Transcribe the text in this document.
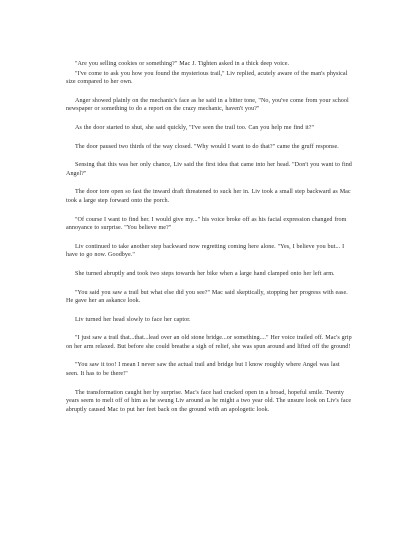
"Are you selling cookies or something?" Mac J. Tighten asked in a thick deep voice.

"I've come to ask you how you found the mysterious trail," Liv replied, acutely aware of the man's physical size compared to her own.

Anger showed plainly on the mechanic's face as he said in a bitter tone, "No, you've come from your school newspaper or something to do a report on the crazy mechanic, haven't you?"

As the door started to shut, she said quickly, "I've seen the trail too. Can you help me find it?"

The door paused two thirds of the way closed. "Why would I want to do that?" came the gruff response.

Sensing that this was her only chance, Liv said the first idea that came into her head. "Don't you want to find Angel?"

The door tore open so fast the inward draft threatened to suck her in. Liv took a small step backward as Mac took a large step forward onto the porch.

"Of course I want to find her. I would give my..." his voice broke off as his facial expression changed from annoyance to surprise. "You believe me?"

Liv continued to take another step backward now regretting coming here alone. "Yes, I believe you but... I have to go now. Goodbye."

She turned abruptly and took two steps towards her bike when a large hand clamped onto her left arm.

"You said you saw a trail but what else did you see?" Mac said skeptically, stopping her progress with ease. He gave her an askance look.

Liv turned her head slowly to face her captor.

"I just saw a trail that...that...lead over an old stone bridge...or something...." Her voice trailed off. Mac's grip on her arm relaxed. But before she could breathe a sigh of relief, she was spun around and lifted off the ground!

"You saw it too! I mean I never saw the actual trail and bridge but I know roughly where Angel was last seen. It has to be there!"

The transformation caught her by surprise. Mac's face had cracked open in a broad, hopeful smile. Twenty years seem to melt off of him as he swung Liv around as he might a two year old. The unsure look on Liv's face abruptly caused Mac to put her feet back on the ground with an apologetic look.
